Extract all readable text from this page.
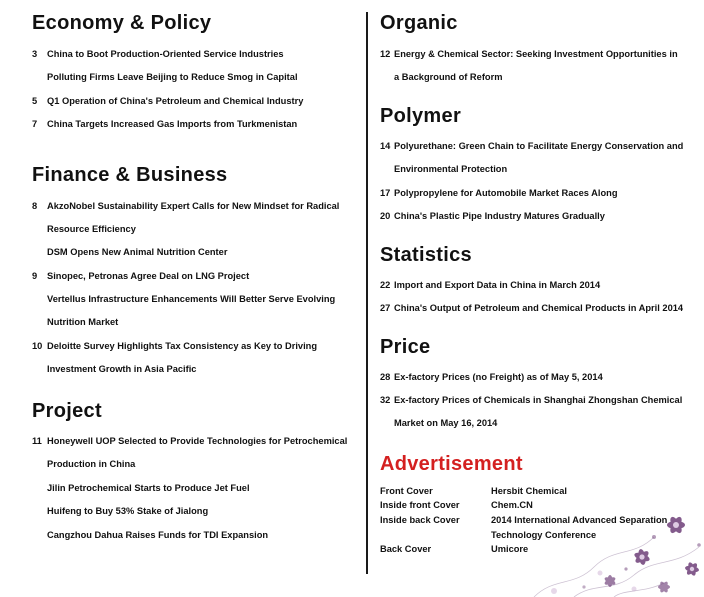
Economy & Policy
3	China to Boot Production-Oriented Service Industries
Polluting Firms Leave Beijing to Reduce Smog in Capital
5	Q1 Operation of China's Petroleum and Chemical Industry
7	China Targets Increased Gas Imports from Turkmenistan
Finance & Business
8	AkzoNobel Sustainability Expert Calls for New Mindset for Radical Resource Efficiency
DSM Opens New Animal Nutrition Center
9	Sinopec, Petronas Agree Deal on LNG Project
Vertellus Infrastructure Enhancements Will Better Serve Evolving Nutrition Market
10 Deloitte Survey Highlights Tax Consistency as Key to Driving Investment Growth in Asia Pacific
Project
11 Honeywell UOP Selected to Provide Technologies for Petrochemical Production in China
Jilin Petrochemical Starts to Produce Jet Fuel
Huifeng to Buy 53% Stake of Jialong
Cangzhou Dahua Raises Funds for TDI Expansion
Organic
12 Energy & Chemical Sector: Seeking Investment Opportunities in a Background of Reform
Polymer
14 Polyurethane: Green Chain to Facilitate Energy Conservation and Environmental Protection
17 Polypropylene for Automobile Market Races Along
20 China's Plastic Pipe Industry Matures Gradually
Statistics
22 Import and Export Data in China in March 2014
27 China's Output of Petroleum and Chemical Products in April 2014
Price
28 Ex-factory Prices (no Freight) as of May 5, 2014
32 Ex-factory Prices of Chemicals in Shanghai Zhongshan Chemical Market on May 16, 2014
Advertisement
Front Cover	Hersbit Chemical
Inside front Cover	Chem.CN
Inside back Cover	2014 International Advanced Separation Technology Conference
Back Cover	Umicore
